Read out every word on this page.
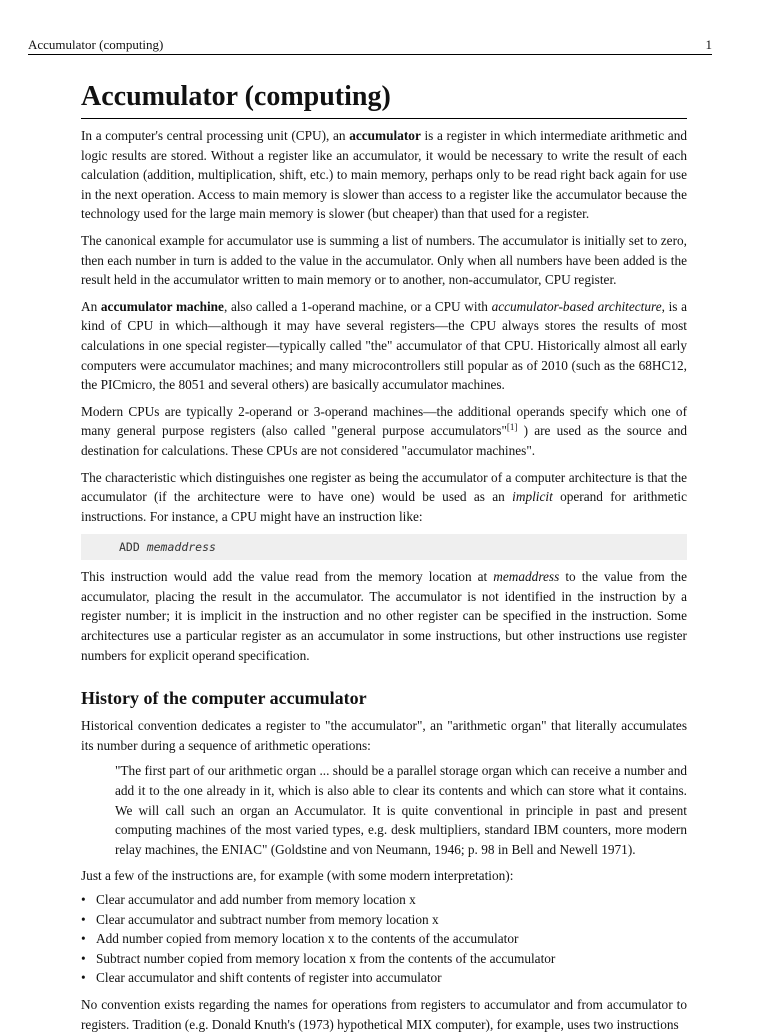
Accumulator (computing)	1
Accumulator (computing)

In a computer's central processing unit (CPU), an accumulator is a register in which intermediate arithmetic and logic results are stored. Without a register like an accumulator, it would be necessary to write the result of each calculation (addition, multiplication, shift, etc.) to main memory, perhaps only to be read right back again for use in the next operation. Access to main memory is slower than access to a register like the accumulator because the technology used for the large main memory is slower (but cheaper) than that used for a register.

The canonical example for accumulator use is summing a list of numbers. The accumulator is initially set to zero, then each number in turn is added to the value in the accumulator. Only when all numbers have been added is the result held in the accumulator written to main memory or to another, non-accumulator, CPU register.

An accumulator machine, also called a 1-operand machine, or a CPU with accumulator-based architecture, is a kind of CPU in which—although it may have several registers—the CPU always stores the results of most calculations in one special register—typically called "the" accumulator of that CPU. Historically almost all early computers were accumulator machines; and many microcontrollers still popular as of 2010 (such as the 68HC12, the PICmicro, the 8051 and several others) are basically accumulator machines.

Modern CPUs are typically 2-operand or 3-operand machines—the additional operands specify which one of many general purpose registers (also called "general purpose accumulators"[1] ) are used as the source and destination for calculations. These CPUs are not considered "accumulator machines".

The characteristic which distinguishes one register as being the accumulator of a computer architecture is that the accumulator (if the architecture were to have one) would be used as an implicit operand for arithmetic instructions. For instance, a CPU might have an instruction like:

ADD memaddress

This instruction would add the value read from the memory location at memaddress to the value from the accumulator, placing the result in the accumulator. The accumulator is not identified in the instruction by a register number; it is implicit in the instruction and no other register can be specified in the instruction. Some architectures use a particular register as an accumulator in some instructions, but other instructions use register numbers for explicit operand specification.

History of the computer accumulator

Historical convention dedicates a register to "the accumulator", an "arithmetic organ" that literally accumulates its number during a sequence of arithmetic operations:

"The first part of our arithmetic organ ... should be a parallel storage organ which can receive a number and add it to the one already in it, which is also able to clear its contents and which can store what it contains. We will call such an organ an Accumulator. It is quite conventional in principle in past and present computing machines of the most varied types, e.g. desk multipliers, standard IBM counters, more modern relay machines, the ENIAC" (Goldstine and von Neumann, 1946; p. 98 in Bell and Newell 1971).

Just a few of the instructions are, for example (with some modern interpretation):

• Clear accumulator and add number from memory location x
• Clear accumulator and subtract number from memory location x
• Add number copied from memory location x to the contents of the accumulator
• Subtract number copied from memory location x from the contents of the accumulator
• Clear accumulator and shift contents of register into accumulator

No convention exists regarding the names for operations from registers to accumulator and from accumulator to registers. Tradition (e.g. Donald Knuth's (1973) hypothetical MIX computer), for example, uses two instructions
